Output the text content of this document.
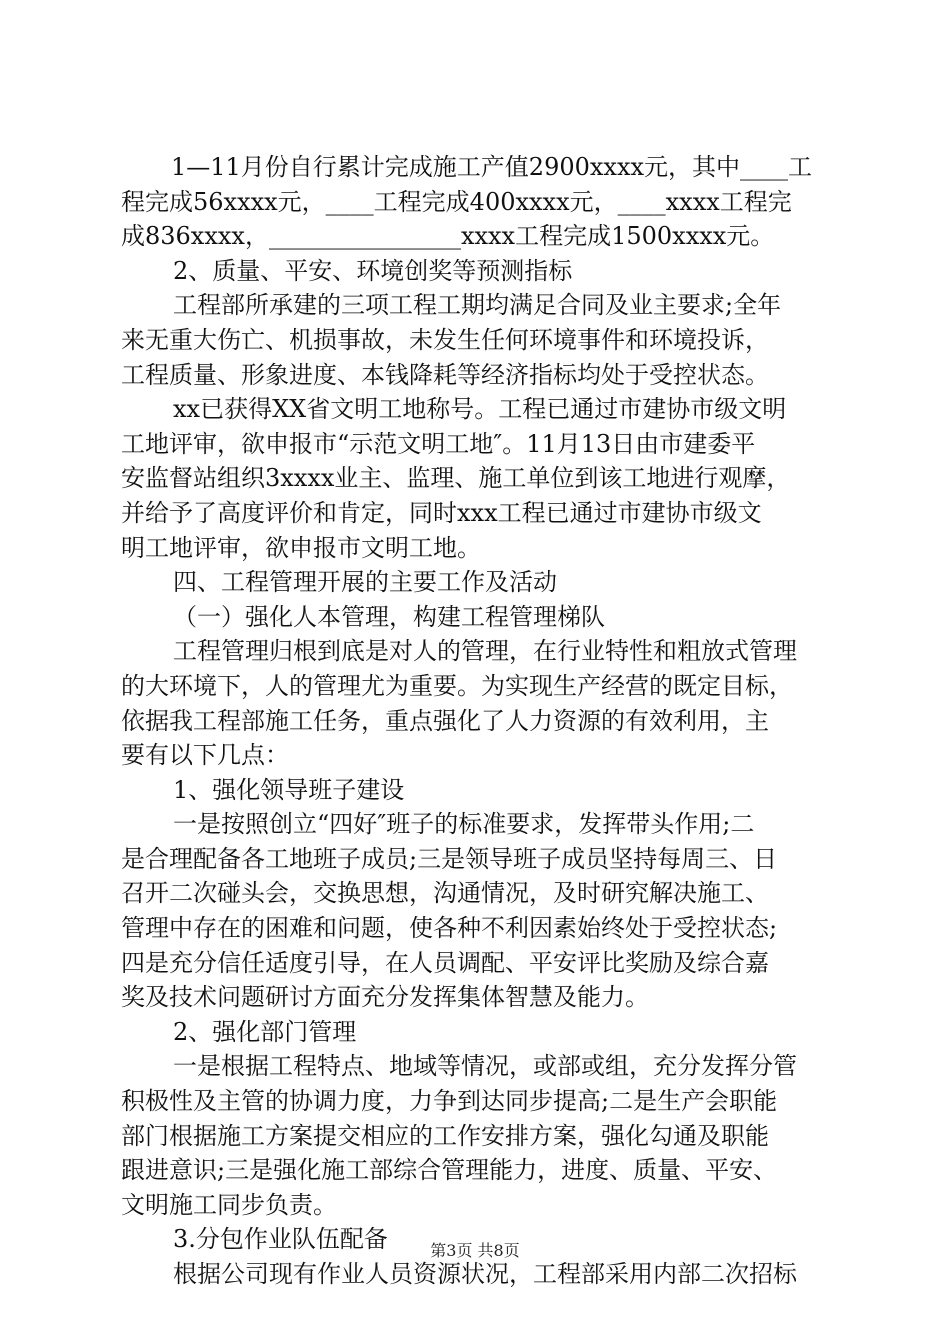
1—11月份自行累计完成施工产值2900xxxx元，其中____工
程完成56xxxx元，____工程完成400xxxx元，____xxxx工程完
成836xxxx，________________xxxx工程完成1500xxxx元。
2、质量、平安、环境创奖等预测指标
工程部所承建的三项工程工期均满足合同及业主要求;全年
来无重大伤亡、机损事故，未发生任何环境事件和环境投诉，
工程质量、形象进度、本钱降耗等经济指标均处于受控状态。
xx已获得XX省文明工地称号。工程已通过市建协市级文明
工地评审，欲申报市“示范文明工地″。11月13日由市建委平
安监督站组织3xxxx业主、监理、施工单位到该工地进行观摩，
并给予了高度评价和肯定，同时xxx工程已通过市建协市级文
明工地评审，欲申报市文明工地。
四、工程管理开展的主要工作及活动
（一）强化人本管理，构建工程管理梯队
工程管理归根到底是对人的管理，在行业特性和粗放式管理
的大环境下，人的管理尤为重要。为实现生产经营的既定目标，
依据我工程部施工任务，重点强化了人力资源的有效利用，主
要有以下几点：
1、强化领导班子建设
一是按照创立“四好″班子的标准要求，发挥带头作用;二
是合理配备各工地班子成员;三是领导班子成员坚持每周三、日
召开二次碰头会，交换思想，沟通情况，及时研究解决施工、
管理中存在的困难和问题，使各种不利因素始终处于受控状态;
四是充分信任适度引导，在人员调配、平安评比奖励及综合嘉
奖及技术问题研讨方面充分发挥集体智慧及能力。
2、强化部门管理
一是根据工程特点、地域等情况，或部或组，充分发挥分管
积极性及主管的协调力度，力争到达同步提高;二是生产会职能
部门根据施工方案提交相应的工作安排方案，强化勾通及职能
跟进意识;三是强化施工部综合管理能力，进度、质量、平安、
文明施工同步负责。
3.分包作业队伍配备
根据公司现有作业人员资源状况，工程部采用内部二次招标
第3页 共8页
